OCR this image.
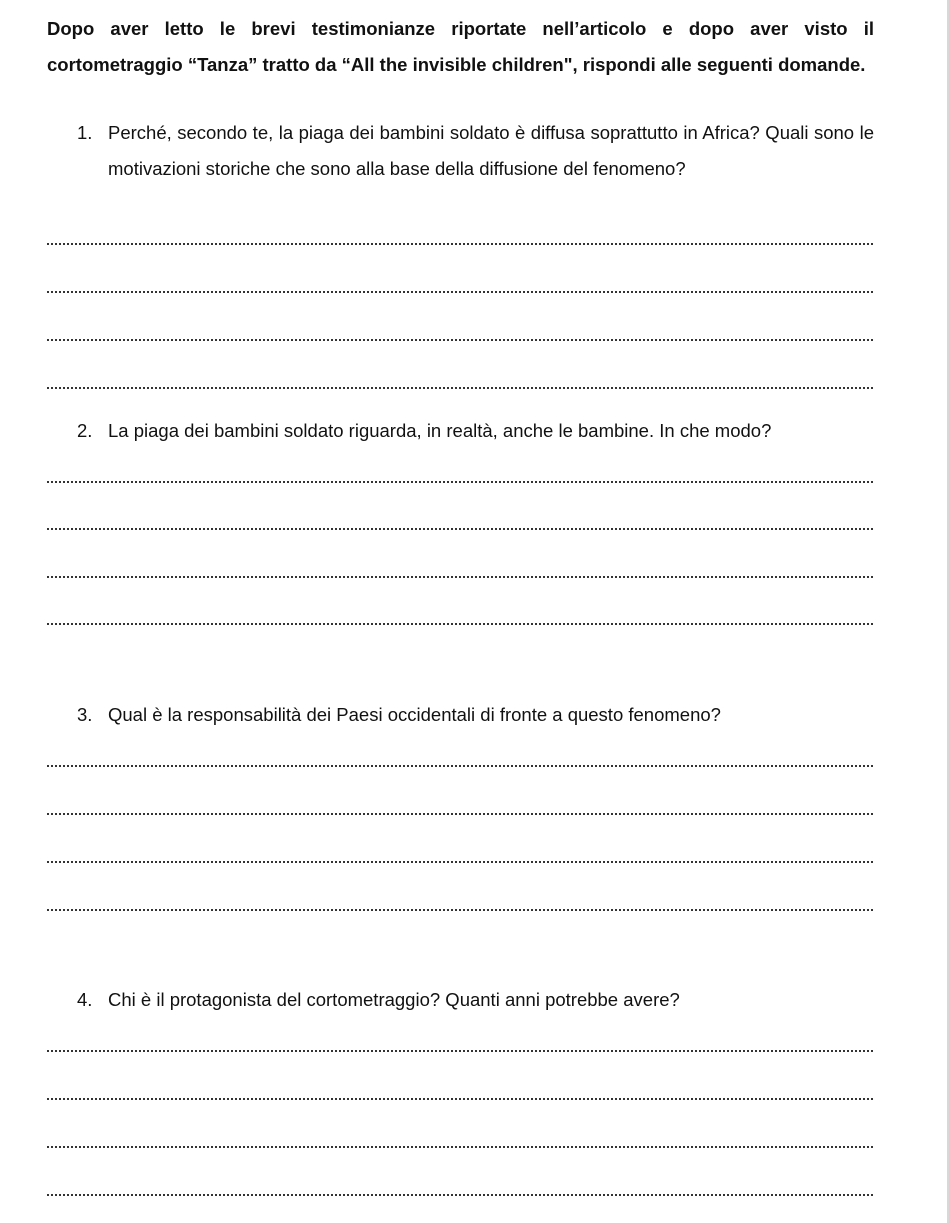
Dopo aver letto le brevi testimonianze riportate nell’articolo e dopo aver visto il cortometraggio “Tanza” tratto da “All the invisible children", rispondi alle seguenti domande.

1. Perché, secondo te, la piaga dei bambini soldato è diffusa soprattutto in Africa? Quali sono le motivazioni storiche che sono alla base della diffusione del fenomeno?
2. La piaga dei bambini soldato riguarda, in realtà, anche le bambine. In che modo?
3. Qual è la responsabilità dei Paesi occidentali di fronte a questo fenomeno?
4. Chi è il protagonista del cortometraggio? Quanti anni potrebbe avere?
